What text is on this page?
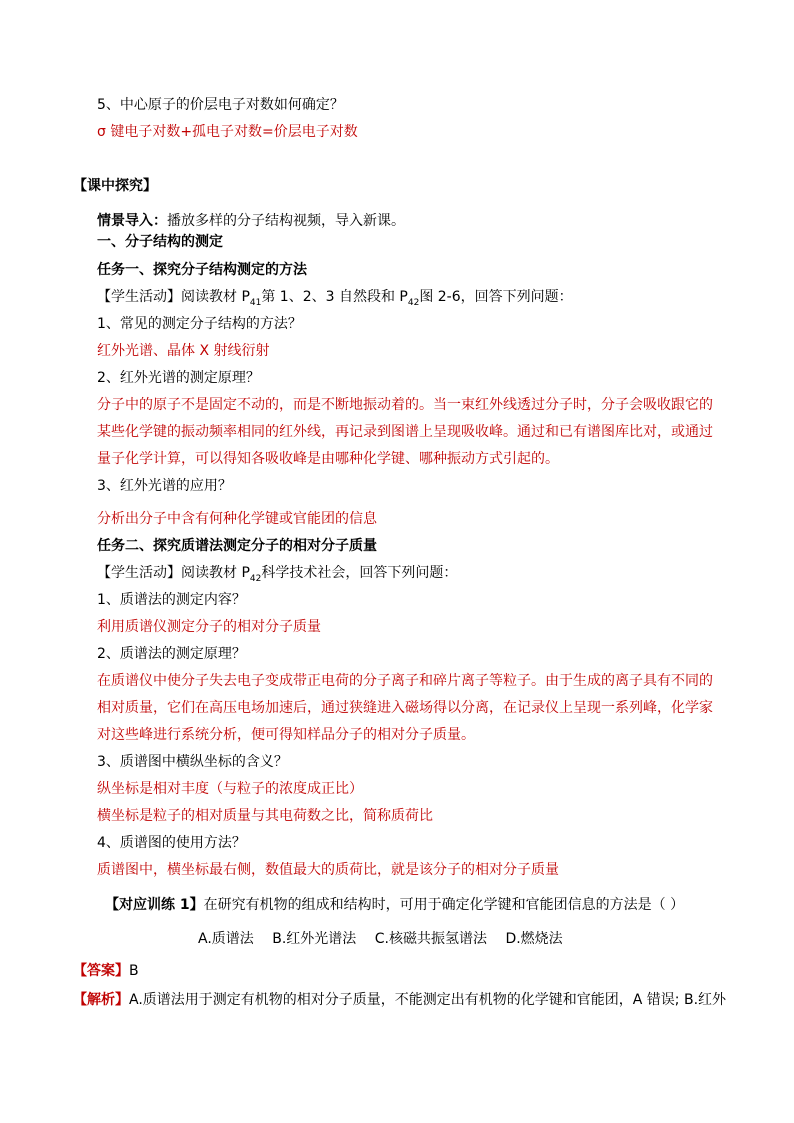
5、中心原子的价层电子对数如何确定？
σ 键电子对数+孤电子对数=价层电子对数
【课中探究】
情景导入：播放多样的分子结构视频，导入新课。
一、分子结构的测定
任务一、探究分子结构测定的方法
【学生活动】阅读教材 $P_{41}$第 1、2、3 自然段和 $P_{42}$图 2-6，回答下列问题：
1、常见的测定分子结构的方法？
红外光谱、晶体 X 射线衍射
2、红外光谱的测定原理？
分子中的原子不是固定不动的，而是不断地振动着的。当一束红外线透过分子时，分子会吸收跟它的
某些化学键的振动频率相同的红外线，再记录到图谱上呈现吸收峰。通过和已有谱图库比对，或通过
量子化学计算，可以得知各吸收峰是由哪种化学键、哪种振动方式引起的。
3、红外光谱的应用？
分析出分子中含有何种化学键或官能团的信息
任务二、探究质谱法测定分子的相对分子质量
【学生活动】阅读教材 $P_{42}$科学技术社会，回答下列问题：
1、质谱法的测定内容？
利用质谱仪测定分子的相对分子质量
2、质谱法的测定原理？
在质谱仪中使分子失去电子变成带正电荷的分子离子和碎片离子等粒子。由于生成的离子具有不同的
相对质量，它们在高压电场加速后，通过狭缝进入磁场得以分离，在记录仪上呈现一系列峰，化学家
对这些峰进行系统分析，便可得知样品分子的相对分子质量。
3、质谱图中横纵坐标的含义？
纵坐标是相对丰度（与粒子的浓度成正比）
横坐标是粒子的相对质量与其电荷数之比，简称质荷比
4、质谱图的使用方法？
质谱图中，横坐标最右侧，数值最大的质荷比，就是该分子的相对分子质量
【对应训练 1】在研究有机物的组成和结构时，可用于确定化学键和官能团信息的方法是（ ）
A.质谱法 B.红外光谱法 C.核磁共振氢谱法 D.燃烧法
【答案】B
【解析】A.质谱法用于测定有机物的相对分子质量，不能测定出有机物的化学键和官能团，A 错误; B.红外
